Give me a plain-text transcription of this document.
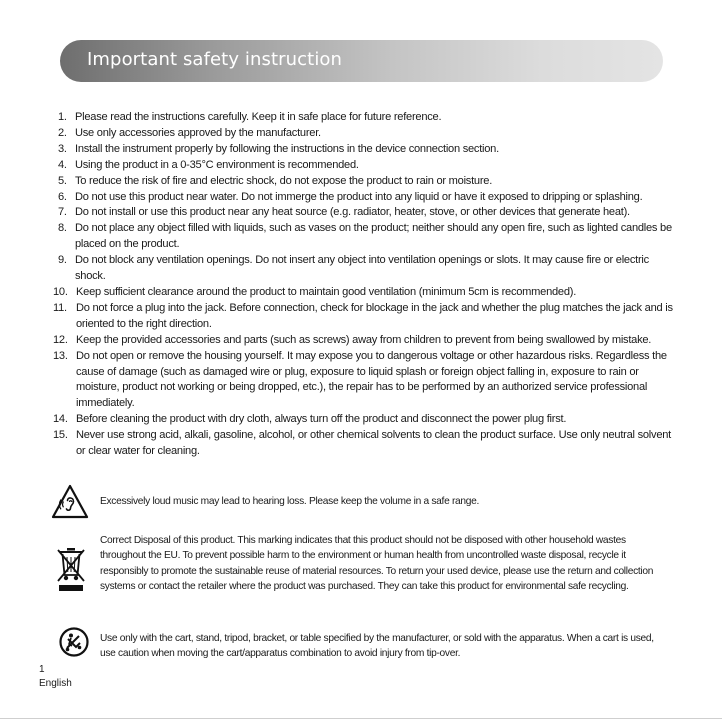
Important safety instruction
1. Please read the instructions carefully. Keep it in safe place for future reference.
2. Use only accessories approved by the manufacturer.
3. Install the instrument properly by following the instructions in the device connection section.
4. Using the product in a 0-35°C environment is recommended.
5. To reduce the risk of fire and electric shock, do not expose the product to rain or moisture.
6. Do not use this product near water. Do not immerge the product into any liquid or have it exposed to dripping or splashing.
7. Do not install or use this product near any heat source (e.g. radiator, heater, stove, or other devices that generate heat).
8. Do not place any object filled with liquids, such as vases on the product; neither should any open fire, such as lighted candles be placed on the product.
9. Do not block any ventilation openings. Do not insert any object into ventilation openings or slots. It may cause fire or electric shock.
10. Keep sufficient clearance around the product to maintain good ventilation (minimum 5cm is recommended).
11. Do not force a plug into the jack. Before connection, check for blockage in the jack and whether the plug matches the jack and is oriented to the right direction.
12. Keep the provided accessories and parts (such as screws) away from children to prevent from being swallowed by mistake.
13. Do not open or remove the housing yourself. It may expose you to dangerous voltage or other hazardous risks. Regardless the cause of damage (such as damaged wire or plug, exposure to liquid splash or foreign object falling in, exposure to rain or moisture, product not working or being dropped, etc.), the repair has to be performed by an authorized service professional immediately.
14. Before cleaning the product with dry cloth, always turn off the product and disconnect the power plug first.
15. Never use strong acid, alkali, gasoline, alcohol, or other chemical solvents to clean the product surface. Use only neutral solvent or clear water for cleaning.
Excessively loud music may lead to hearing loss. Please keep the volume in a safe range.
Correct Disposal of this product. This marking indicates that this product should not be disposed with other household wastes throughout the EU. To prevent possible harm to the environment or human health from uncontrolled waste disposal, recycle it responsibly to promote the sustainable reuse of material resources. To return your used device, please use the return and collection systems or contact the retailer where the product was purchased. They can take this product for environmental safe recycling.
Use only with the cart, stand, tripod, bracket, or table specified by the manufacturer, or sold with the apparatus. When a cart is used, use caution when moving the cart/apparatus combination to avoid injury from tip-over.
1
English
